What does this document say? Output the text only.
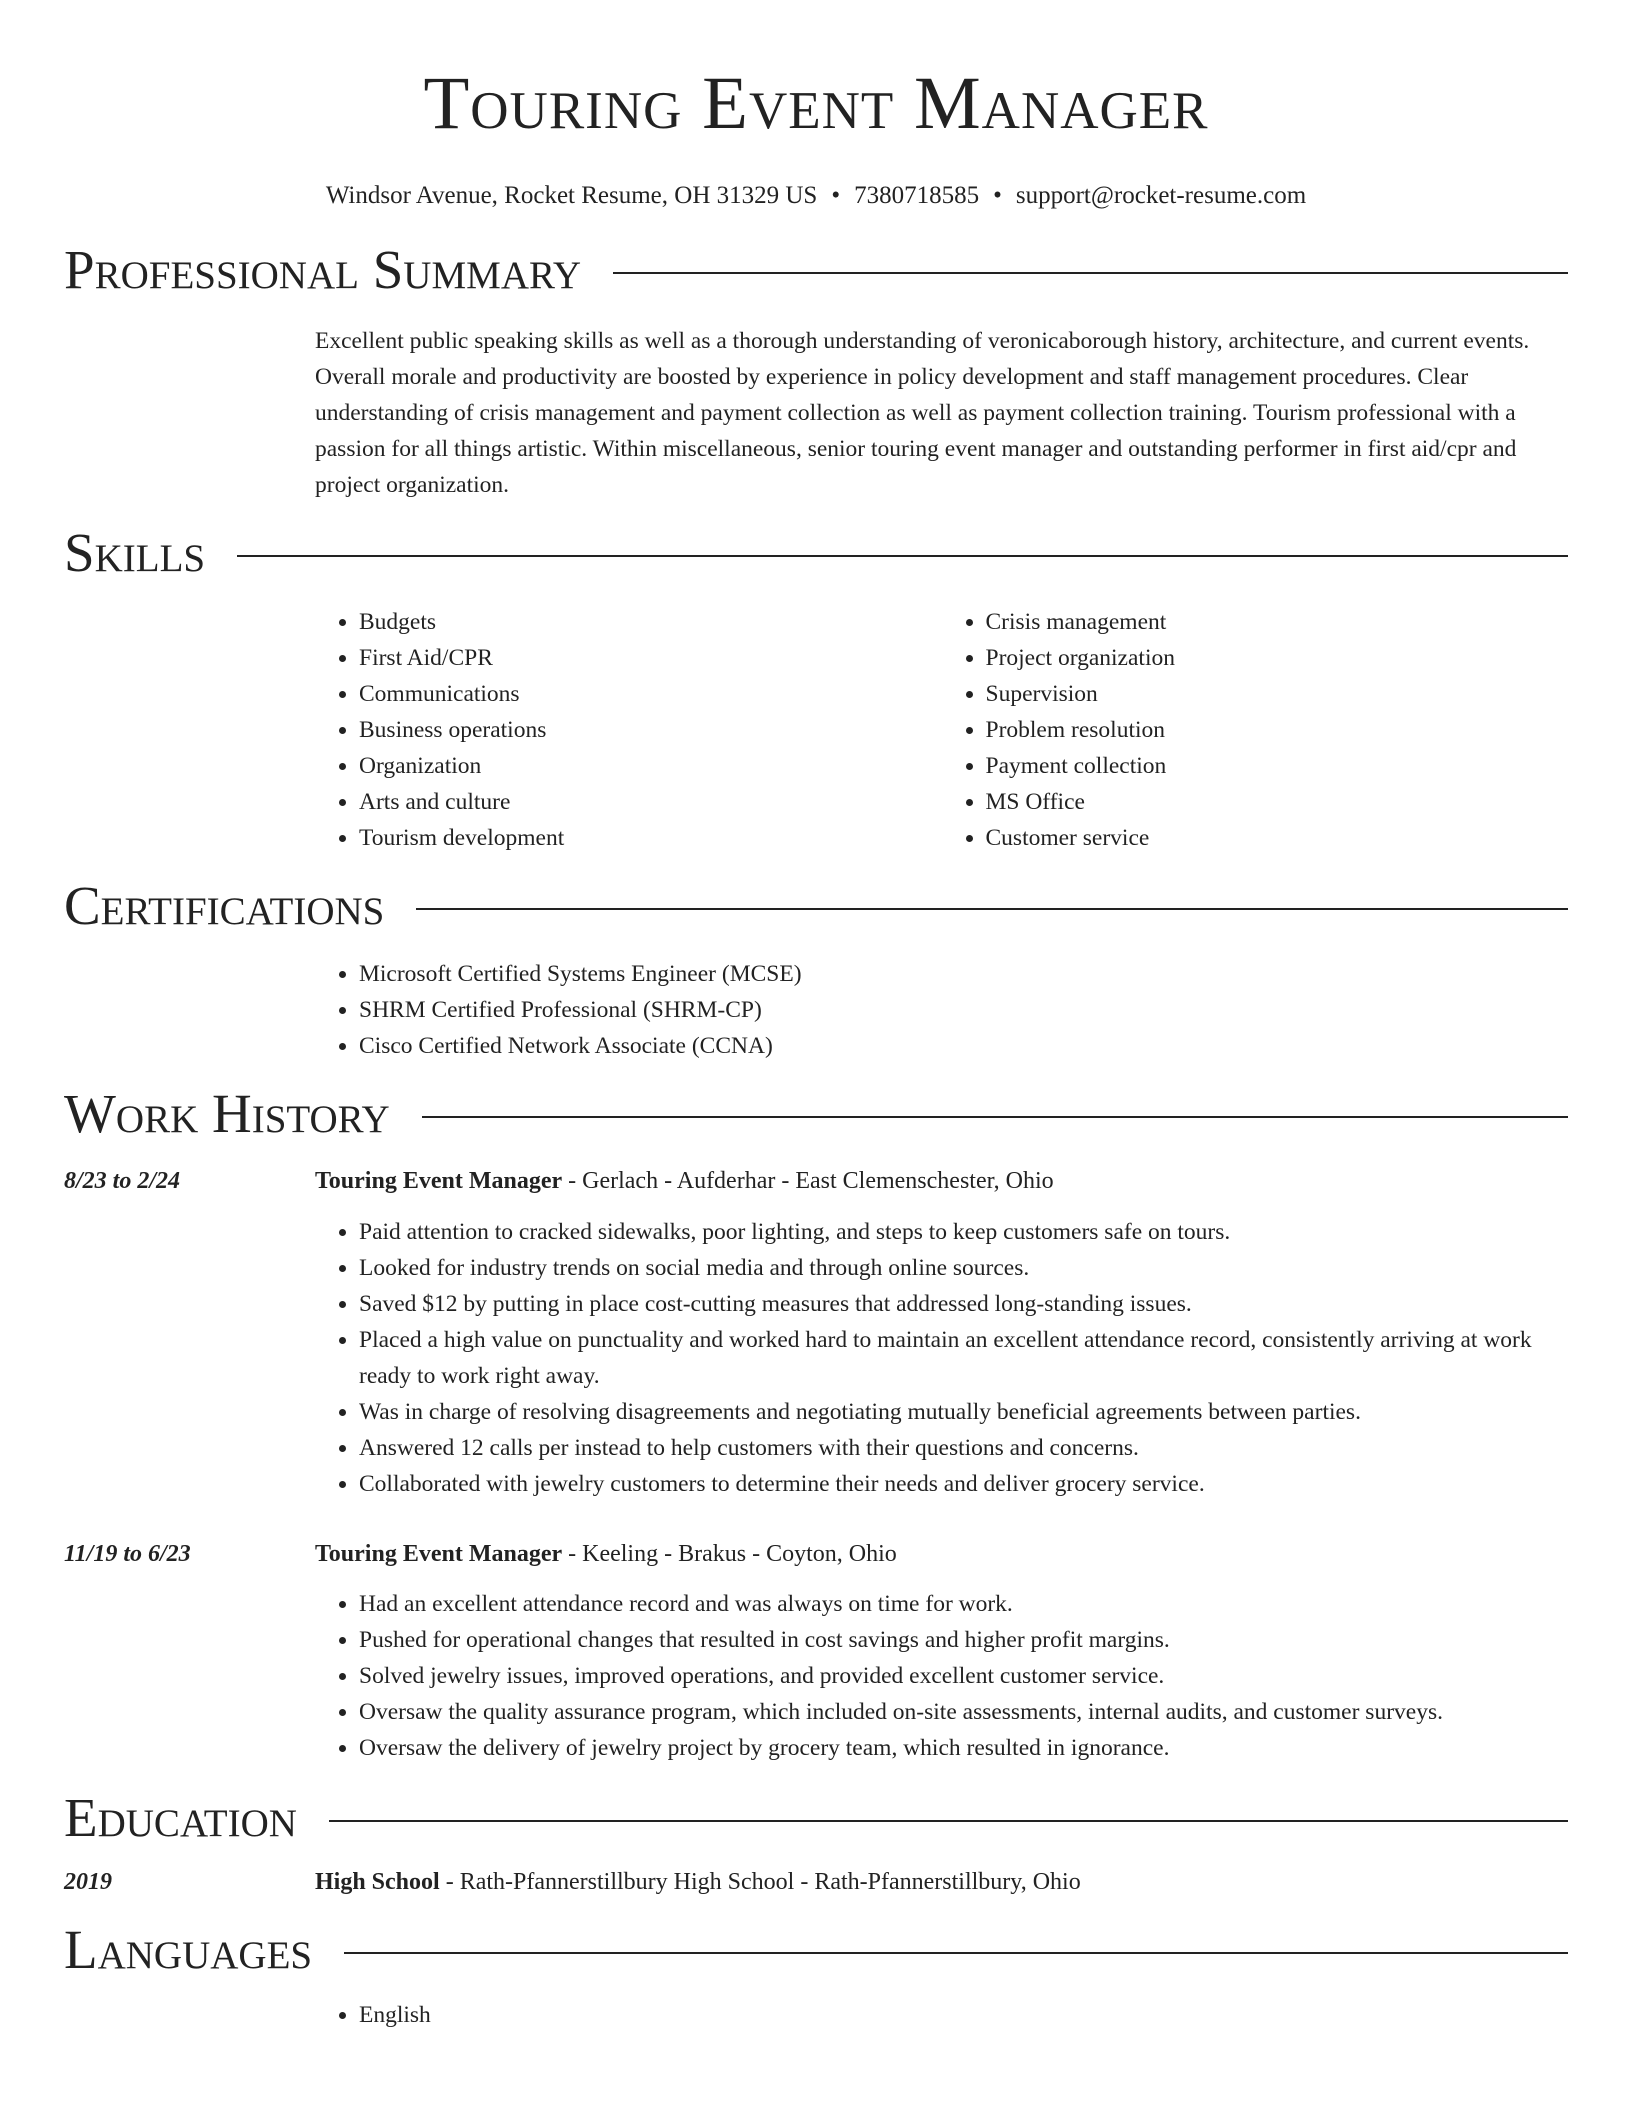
Touring Event Manager
Windsor Avenue, Rocket Resume, OH 31329 US • 7380718585 • support@rocket-resume.com
Professional Summary
Excellent public speaking skills as well as a thorough understanding of veronicaborough history, architecture, and current events. Overall morale and productivity are boosted by experience in policy development and staff management procedures. Clear understanding of crisis management and payment collection as well as payment collection training. Tourism professional with a passion for all things artistic. Within miscellaneous, senior touring event manager and outstanding performer in first aid/cpr and project organization.
Skills
• Budgets
• First Aid/CPR
• Communications
• Business operations
• Organization
• Arts and culture
• Tourism development
• Crisis management
• Project organization
• Supervision
• Problem resolution
• Payment collection
• MS Office
• Customer service
Certifications
• Microsoft Certified Systems Engineer (MCSE)
• SHRM Certified Professional (SHRM-CP)
• Cisco Certified Network Associate (CCNA)
Work History
8/23 to 2/24	Touring Event Manager - Gerlach - Aufderhar - East Clemenschester, Ohio
• Paid attention to cracked sidewalks, poor lighting, and steps to keep customers safe on tours.
• Looked for industry trends on social media and through online sources.
• Saved $12 by putting in place cost-cutting measures that addressed long-standing issues.
• Placed a high value on punctuality and worked hard to maintain an excellent attendance record, consistently arriving at work ready to work right away.
• Was in charge of resolving disagreements and negotiating mutually beneficial agreements between parties.
• Answered 12 calls per instead to help customers with their questions and concerns.
• Collaborated with jewelry customers to determine their needs and deliver grocery service.
11/19 to 6/23	Touring Event Manager - Keeling - Brakus - Coyton, Ohio
• Had an excellent attendance record and was always on time for work.
• Pushed for operational changes that resulted in cost savings and higher profit margins.
• Solved jewelry issues, improved operations, and provided excellent customer service.
• Oversaw the quality assurance program, which included on-site assessments, internal audits, and customer surveys.
• Oversaw the delivery of jewelry project by grocery team, which resulted in ignorance.
Education
2019	High School - Rath-Pfannerstillbury High School - Rath-Pfannerstillbury, Ohio
Languages
• English
